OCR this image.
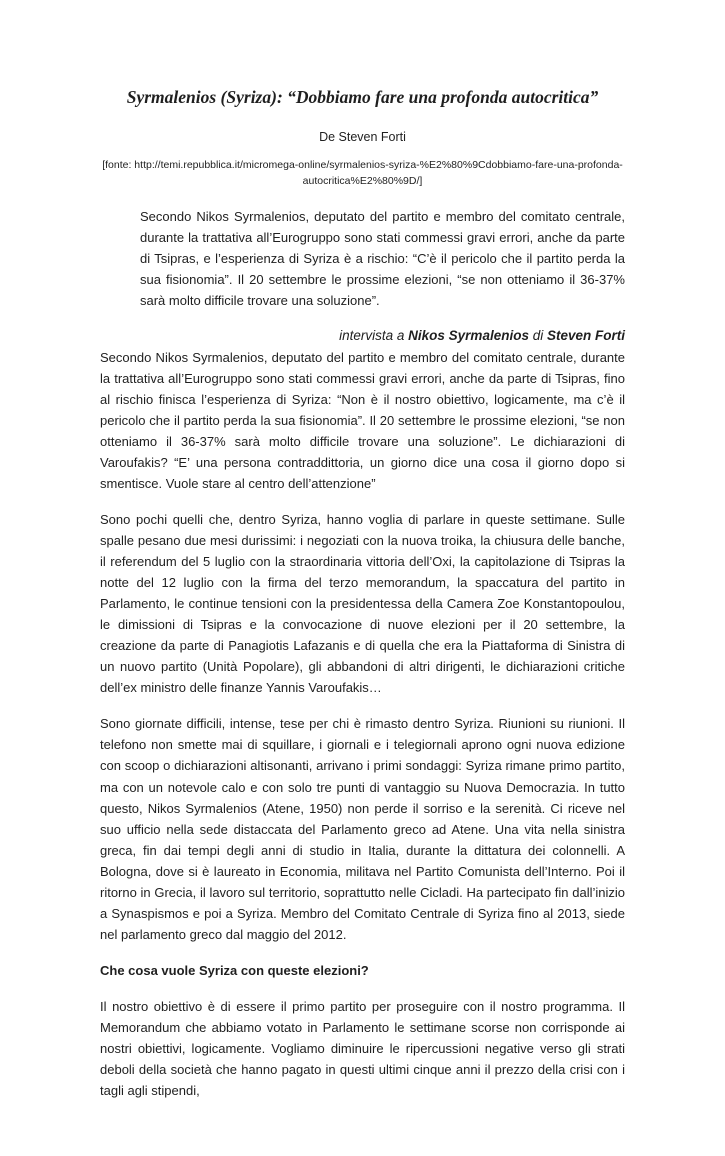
Syrmalenios (Syriza): “Dobbiamo fare una profonda autocritica”

De Steven Forti

[fonte: http://temi.repubblica.it/micromega-online/syrmalenios-syriza-%E2%80%9Cdobbiamo-fare-una-profonda-autocritica%E2%80%9D/]

Secondo Nikos Syrmalenios, deputato del partito e membro del comitato centrale, durante la trattativa all’Eurogruppo sono stati commessi gravi errori, anche da parte di Tsipras, e l’esperienza di Syriza è a rischio: “C’è il pericolo che il partito perda la sua fisionomia”. Il 20 settembre le prossime elezioni, “se non otteniamo il 36-37% sarà molto difficile trovare una soluzione”.

intervista a Nikos Syrmalenios di Steven Forti

Secondo Nikos Syrmalenios, deputato del partito e membro del comitato centrale, durante la trattativa all’Eurogruppo sono stati commessi gravi errori, anche da parte di Tsipras, fino al rischio finisca l’esperienza di Syriza: “Non è il nostro obiettivo, logicamente, ma c’è il pericolo che il partito perda la sua fisionomia”. Il 20 settembre le prossime elezioni, “se non otteniamo il 36-37% sarà molto difficile trovare una soluzione”. Le dichiarazioni di Varoufakis? “E’ una persona contraddittoria, un giorno dice una cosa il giorno dopo si smentisce. Vuole stare al centro dell’attenzione”

Sono pochi quelli che, dentro Syriza, hanno voglia di parlare in queste settimane. Sulle spalle pesano due mesi durissimi: i negoziati con la nuova troika, la chiusura delle banche, il referendum del 5 luglio con la straordinaria vittoria dell’Oxi, la capitolazione di Tsipras la notte del 12 luglio con la firma del terzo memorandum, la spaccatura del partito in Parlamento, le continue tensioni con la presidentessa della Camera Zoe Konstantopoulou, le dimissioni di Tsipras e la convocazione di nuove elezioni per il 20 settembre, la creazione da parte di Panagiotis Lafazanis e di quella che era la Piattaforma di Sinistra di un nuovo partito (Unità Popolare), gli abbandoni di altri dirigenti, le dichiarazioni critiche dell’ex ministro delle finanze Yannis Varoufakis…

Sono giornate difficili, intense, tese per chi è rimasto dentro Syriza. Riunioni su riunioni. Il telefono non smette mai di squillare, i giornali e i telegiornali aprono ogni nuova edizione con scoop o dichiarazioni altisonanti, arrivano i primi sondaggi: Syriza rimane primo partito, ma con un notevole calo e con solo tre punti di vantaggio su Nuova Democrazia. In tutto questo, Nikos Syrmalenios (Atene, 1950) non perde il sorriso e la serenità. Ci riceve nel suo ufficio nella sede distaccata del Parlamento greco ad Atene. Una vita nella sinistra greca, fin dai tempi degli anni di studio in Italia, durante la dittatura dei colonnelli. A Bologna, dove si è laureato in Economia, militava nel Partito Comunista dell’Interno. Poi il ritorno in Grecia, il lavoro sul territorio, soprattutto nelle Cicladi. Ha partecipato fin dall’inizio a Synaspismos e poi a Syriza. Membro del Comitato Centrale di Syriza fino al 2013, siede nel parlamento greco dal maggio del 2012.

Che cosa vuole Syriza con queste elezioni?

Il nostro obiettivo è di essere il primo partito per proseguire con il nostro programma. Il Memorandum che abbiamo votato in Parlamento le settimane scorse non corrisponde ai nostri obiettivi, logicamente. Vogliamo diminuire le ripercussioni negative verso gli strati deboli della società che hanno pagato in questi ultimi cinque anni il prezzo della crisi con i tagli agli stipendi,
